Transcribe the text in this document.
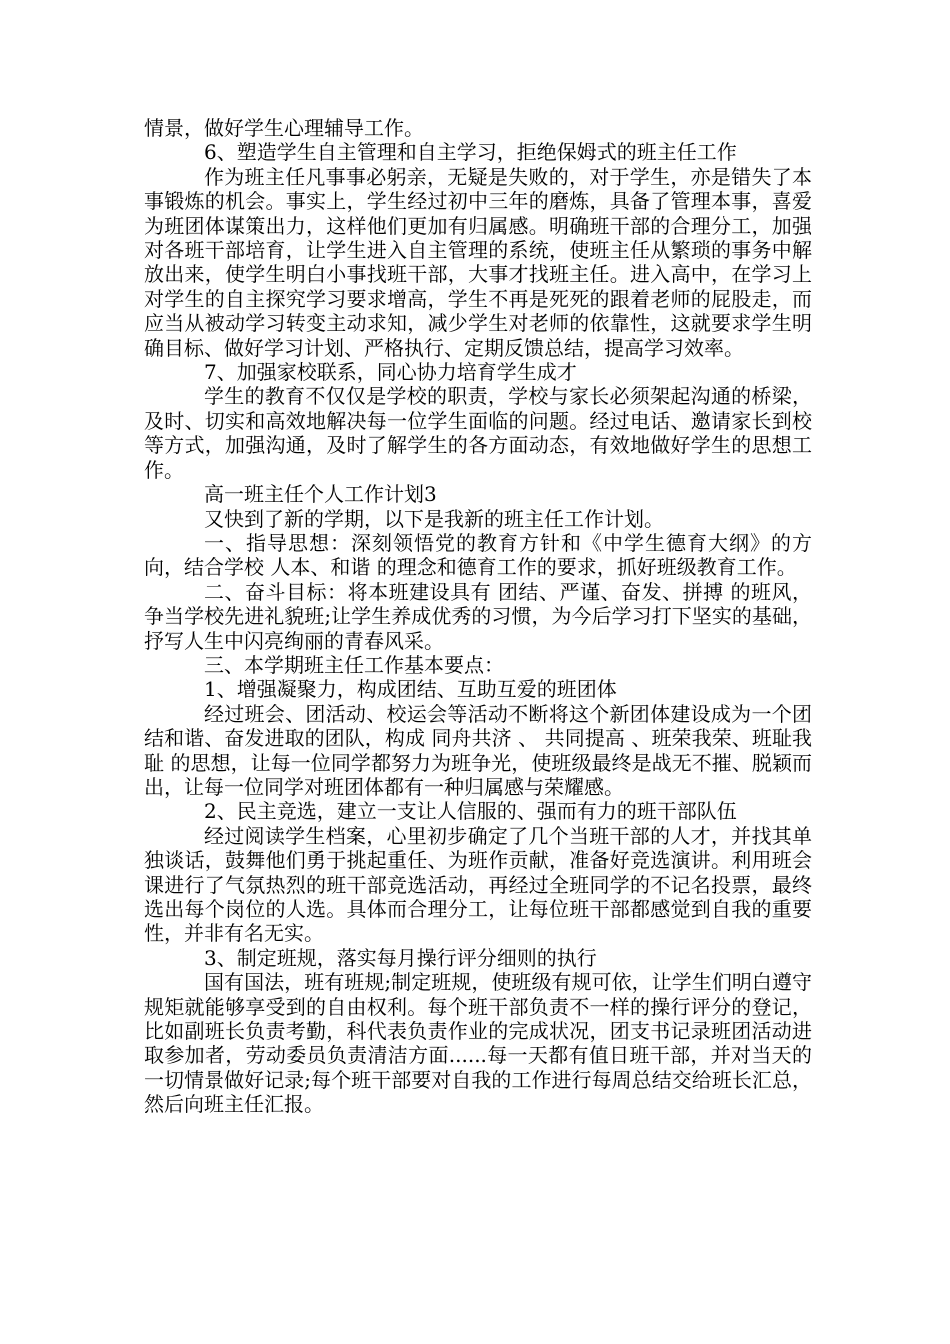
情景，做好学生心理辅导工作。

6、塑造学生自主管理和自主学习，拒绝保姆式的班主任工作

作为班主任凡事事必躬亲，无疑是失败的，对于学生，亦是错失了本事锻炼的机会。事实上，学生经过初中三年的磨炼，具备了管理本事，喜爱为班团体谋策出力，这样他们更加有归属感。明确班干部的合理分工，加强对各班干部培育，让学生进入自主管理的系统，使班主任从繁琐的事务中解放出来，使学生明白小事找班干部，大事才找班主任。进入高中，在学习上对学生的自主探究学习要求增高，学生不再是死死的跟着老师的屁股走，而应当从被动学习转变主动求知，减少学生对老师的依靠性，这就要求学生明确目标、做好学习计划、严格执行、定期反馈总结，提高学习效率。

7、加强家校联系，同心协力培育学生成才

学生的教育不仅仅是学校的职责，学校与家长必须架起沟通的桥梁，及时、切实和高效地解决每一位学生面临的问题。经过电话、邀请家长到校等方式，加强沟通，及时了解学生的各方面动态，有效地做好学生的思想工作。

高一班主任个人工作计划3

又快到了新的学期，以下是我新的班主任工作计划。

一、指导思想：深刻领悟党的教育方针和《中学生德育大纲》的方向，结合学校 人本、和谐 的理念和德育工作的要求，抓好班级教育工作。

二、奋斗目标：将本班建设具有 团结、严谨、奋发、拼搏 的班风，争当学校先进礼貌班;让学生养成优秀的习惯，为今后学习打下坚实的基础，抒写人生中闪亮绚丽的青春风采。

三、本学期班主任工作基本要点：

1、增强凝聚力，构成团结、互助互爱的班团体

经过班会、团活动、校运会等活动不断将这个新团体建设成为一个团结和谐、奋发进取的团队，构成 同舟共济 、 共同提高 、班荣我荣、班耻我耻 的思想，让每一位同学都努力为班争光，使班级最终是战无不摧、脱颖而出，让每一位同学对班团体都有一种归属感与荣耀感。

2、民主竞选，建立一支让人信服的、强而有力的班干部队伍

经过阅读学生档案，心里初步确定了几个当班干部的人才，并找其单独谈话，鼓舞他们勇于挑起重任、为班作贡献，准备好竞选演讲。利用班会课进行了气氛热烈的班干部竞选活动，再经过全班同学的不记名投票，最终选出每个岗位的人选。具体而合理分工，让每位班干部都感觉到自我的重要性，并非有名无实。

3、制定班规，落实每月操行评分细则的执行

国有国法，班有班规;制定班规，使班级有规可依，让学生们明白遵守规矩就能够享受到的自由权利。每个班干部负责不一样的操行评分的登记，比如副班长负责考勤，科代表负责作业的完成状况，团支书记录班团活动进取参加者，劳动委员负责清洁方面......每一天都有值日班干部，并对当天的一切情景做好记录;每个班干部要对自我的工作进行每周总结交给班长汇总，然后向班主任汇报。
